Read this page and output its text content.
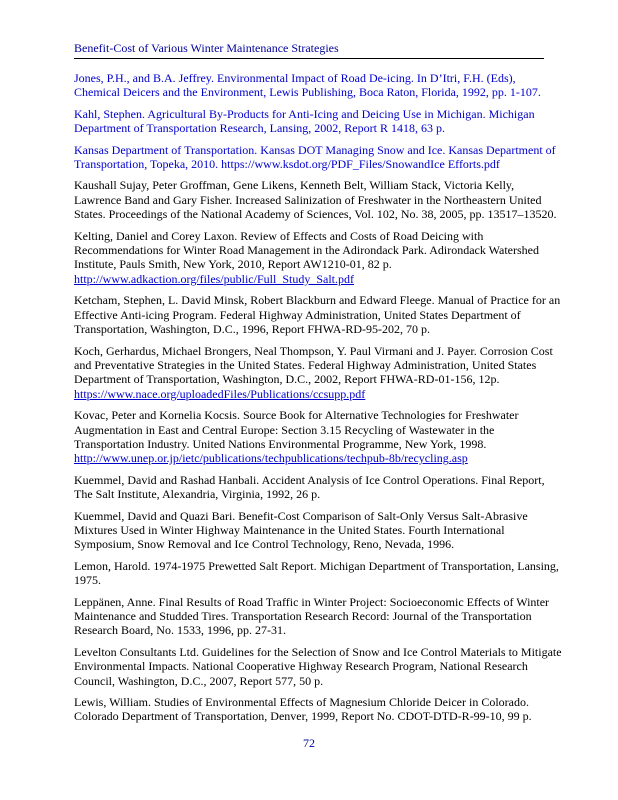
Benefit-Cost of Various Winter Maintenance Strategies

Jones, P.H., and B.A. Jeffrey. Environmental Impact of Road De-icing. In D’Itri, F.H. (Eds), Chemical Deicers and the Environment, Lewis Publishing, Boca Raton, Florida, 1992, pp. 1-107.

Kahl, Stephen. Agricultural By-Products for Anti-Icing and Deicing Use in Michigan. Michigan Department of Transportation Research, Lansing, 2002, Report R 1418, 63 p.

Kansas Department of Transportation. Kansas DOT Managing Snow and Ice. Kansas Department of Transportation, Topeka, 2010. https://www.ksdot.org/PDF_Files/SnowandIce Efforts.pdf

Kaushall Sujay, Peter Groffman, Gene Likens, Kenneth Belt, William Stack, Victoria Kelly, Lawrence Band and Gary Fisher. Increased Salinization of Freshwater in the Northeastern United States. Proceedings of the National Academy of Sciences, Vol. 102, No. 38, 2005, pp. 13517–13520.

Kelting, Daniel and Corey Laxon. Review of Effects and Costs of Road Deicing with Recommendations for Winter Road Management in the Adirondack Park. Adirondack Watershed Institute, Pauls Smith, New York, 2010, Report AW1210-01, 82 p. http://www.adkaction.org/files/public/Full_Study_Salt.pdf

Ketcham, Stephen, L. David Minsk, Robert Blackburn and Edward Fleege. Manual of Practice for an Effective Anti-icing Program. Federal Highway Administration, United States Department of Transportation, Washington, D.C., 1996, Report FHWA-RD-95-202, 70 p.

Koch, Gerhardus, Michael Brongers, Neal Thompson, Y. Paul Virmani and J. Payer. Corrosion Cost and Preventative Strategies in the United States. Federal Highway Administration, United States Department of Transportation, Washington, D.C., 2002, Report FHWA-RD-01-156, 12p. https://www.nace.org/uploadedFiles/Publications/ccsupp.pdf

Kovac, Peter and Kornelia Kocsis. Source Book for Alternative Technologies for Freshwater Augmentation in East and Central Europe: Section 3.15 Recycling of Wastewater in the Transportation Industry. United Nations Environmental Programme, New York, 1998. http://www.unep.or.jp/ietc/publications/techpublications/techpub-8b/recycling.asp

Kuemmel, David and Rashad Hanbali. Accident Analysis of Ice Control Operations. Final Report, The Salt Institute, Alexandria, Virginia, 1992, 26 p.

Kuemmel, David and Quazi Bari. Benefit-Cost Comparison of Salt-Only Versus Salt-Abrasive Mixtures Used in Winter Highway Maintenance in the United States. Fourth International Symposium, Snow Removal and Ice Control Technology, Reno, Nevada, 1996.

Lemon, Harold. 1974-1975 Prewetted Salt Report. Michigan Department of Transportation, Lansing, 1975.

Leppänen, Anne. Final Results of Road Traffic in Winter Project: Socioeconomic Effects of Winter Maintenance and Studded Tires. Transportation Research Record: Journal of the Transportation Research Board, No. 1533, 1996, pp. 27-31.

Levelton Consultants Ltd. Guidelines for the Selection of Snow and Ice Control Materials to Mitigate Environmental Impacts. National Cooperative Highway Research Program, National Research Council, Washington, D.C., 2007, Report 577, 50 p.

Lewis, William. Studies of Environmental Effects of Magnesium Chloride Deicer in Colorado. Colorado Department of Transportation, Denver, 1999, Report No. CDOT-DTD-R-99-10, 99 p.

72
